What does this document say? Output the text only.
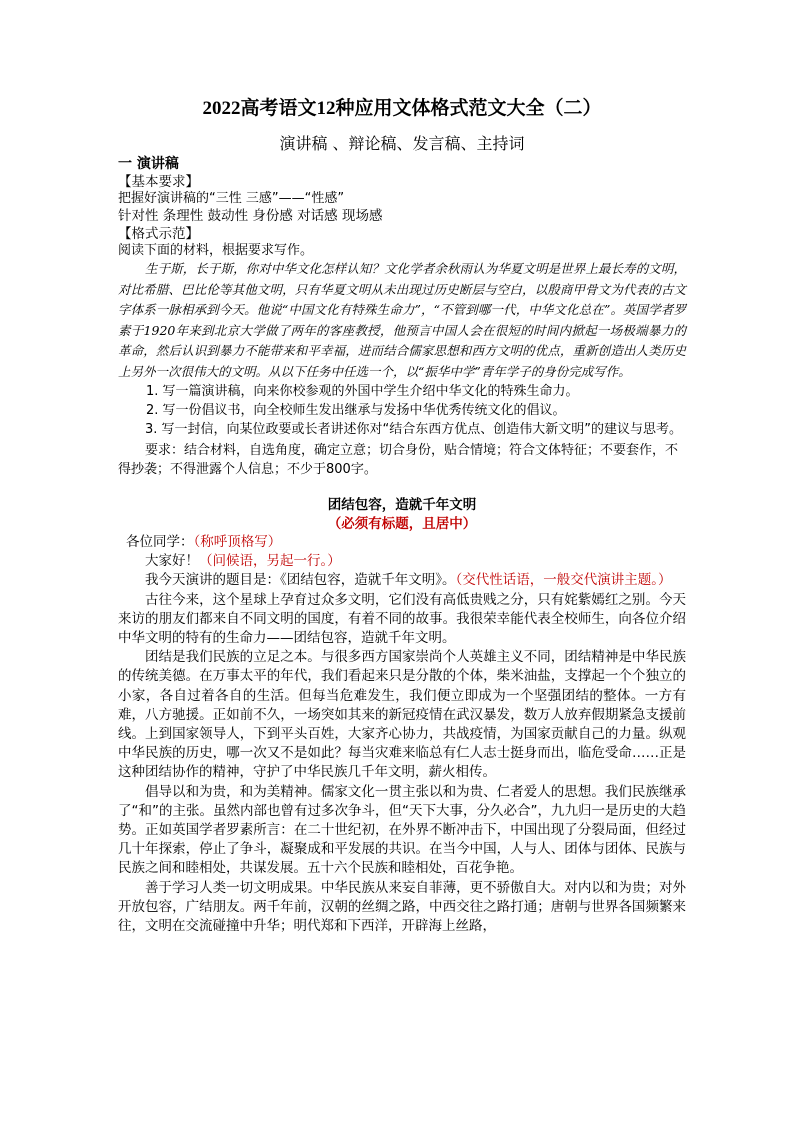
2022高考语文12种应用文体格式范文大全（二）

演讲稿 、辩论稿、发言稿、主持词

一 演讲稿

【基本要求】

把握好演讲稿的“三性 三感”——“性感”

针对性 条理性 鼓动性 身份感 对话感 现场感

【格式示范】

阅读下面的材料，根据要求写作。

生于斯，长于斯，你对中华文化怎样认知？文化学者余秋雨认为华夏文明是世界上最长寿的文明，对比希腊、巴比伦等其他文明，只有华夏文明从未出现过历史断层与空白，以殷商甲骨文为代表的古文字体系一脉相承到今天。他说“中国文化有特殊生命力”，“不管到哪一代，中华文化总在”。英国学者罗素于1920年来到北京大学做了两年的客座教授，他预言中国人会在很短的时间内掀起一场极端暴力的革命，然后认识到暴力不能带来和平幸福，进而结合儒家思想和西方文明的优点，重新创造出人类历史上另外一次很伟大的文明。从以下任务中任选一个，以“振华中学”青年学子的身份完成写作。

1. 写一篇演讲稿，向来你校参观的外国中学生介绍中华文化的特殊生命力。

2. 写一份倡议书，向全校师生发出继承与发扬中华优秀传统文化的倡议。

3. 写一封信，向某位政要或长者讲述你对“结合东西方优点、创造伟大新文明”的建议与思考。

要求：结合材料，自选角度，确定立意；切合身份，贴合情境；符合文体特征；不要套作，不得抄袭；不得泄露个人信息；不少于800字。

团结包容，造就千年文明

（必须有标题，且居中）

各位同学：（称呼顶格写）

大家好！（问候语，另起一行。）

我今天演讲的题目是：《团结包容，造就千年文明》。（交代性话语，一般交代演讲主题。）

古往今来，这个星球上孕育过众多文明，它们没有高低贵贱之分，只有姹紫嫣红之别。今天来访的朋友们都来自不同文明的国度，有着不同的故事。我很荣幸能代表全校师生，向各位介绍中华文明的特有的生命力——团结包容，造就千年文明。

团结是我们民族的立足之本。与很多西方国家崇尚个人英雄主义不同，团结精神是中华民族的传统美德。在万事太平的年代，我们看起来只是分散的个体，柴米油盐，支撑起一个个独立的小家，各自过着各自的生活。但每当危难发生，我们便立即成为一个坚强团结的整体。一方有难，八方驰援。正如前不久，一场突如其来的新冠疫情在武汉暴发，数万人放弃假期紧急支援前线。上到国家领导人，下到平头百姓，大家齐心协力，共战疫情，为国家贡献自己的力量。纵观中华民族的历史，哪一次又不是如此？每当灾难来临总有仁人志士挺身而出，临危受命……正是这种团结协作的精神，守护了中华民族几千年文明，薪火相传。

倡导以和为贵，和为美精神。儒家文化一贯主张以和为贵、仁者爱人的思想。我们民族继承了“和”的主张。虽然内部也曾有过多次争斗，但“天下大事，分久必合”，九九归一是历史的大趋势。正如英国学者罗素所言：在二十世纪初，在外界不断冲击下，中国出现了分裂局面，但经过几十年探索，停止了争斗，凝聚成和平发展的共识。在当今中国，人与人、团体与团体、民族与民族之间和睦相处，共谋发展。五十六个民族和睦相处，百花争艳。

善于学习人类一切文明成果。中华民族从来妄自菲薄，更不骄傲自大。对内以和为贵；对外开放包容，广结朋友。两千年前，汉朝的丝绸之路，中西交往之路打通；唐朝与世界各国频繁来往，文明在交流碰撞中升华；明代郑和下西洋，开辟海上丝路，
